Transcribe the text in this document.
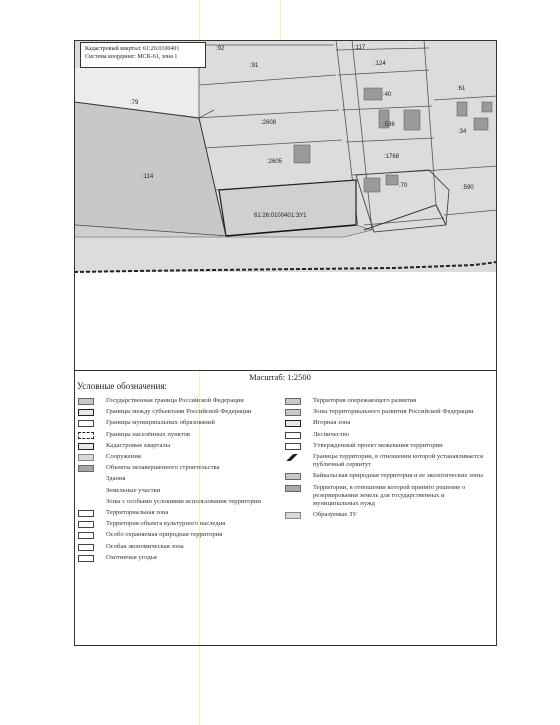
:92	:117
:91	:124
:79
:40
:61
:2608	:536
:34
:1768
:2605
:114
:70	:590
61:26:0100401:ЗУ1
Кадастровый квартал: 61:26:0100401
Система координат: МСК-61, зона 1
Масштаб: 1:2500
Условные обозначения:
Государственная граница Российской Федерации
Границы между субъектами Российской Федерации
Границы муниципальных образований
Границы населённых пунктов
Кадастровые кварталы
Сооружения
Объекты незавершенного строительства
Здания
Земельные участки
Зоны с особыми условиями использования территории
Территориальная зона
Территория объекта культурного наследия
Особо охраняемая природная территория
Особая экономическая зона
Охотничьи угодья
Территория опережающего развития
Зоны территориального развития Российской Федерации
Игорная зона
Лесничество
Утвержденный проект межевания территории
Границы территории, в отношении которой устанавливается публичный сервитут
Байкальская природная территория и ее экологические зоны
Территории, в отношении которой принято решение о резервировании земель для государственных и муниципальных нужд
Образуемые ЗУ
